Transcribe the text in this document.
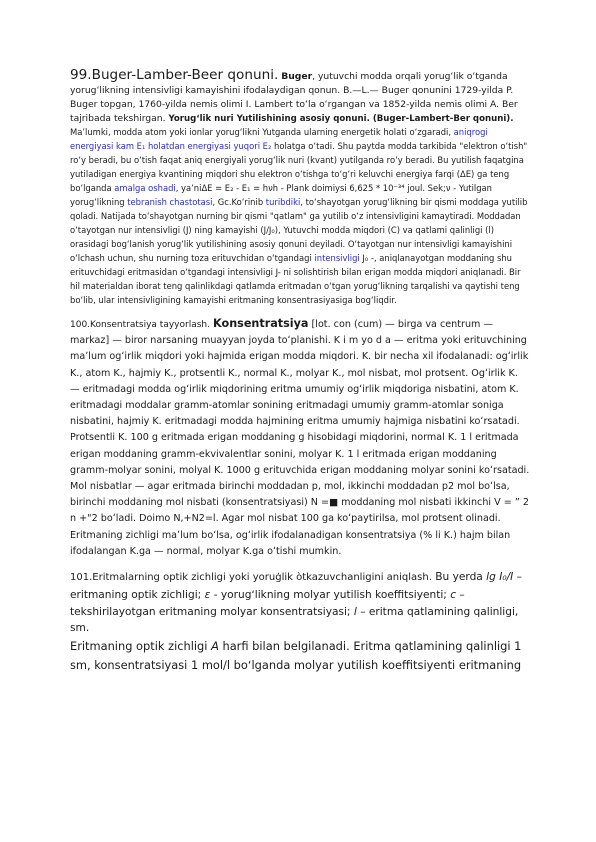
99.Buger-Lamber-Beer qonuni. Buger, yutuvchi modda orqali yorugʻlik oʻtganda yorugʻlikning intensivligi kamayishini ifodalaydigan qonun. B.—L.— Buger qonunini 1729-yilda P. Buger topgan, 1760-yilda nemis olimi I. Lambert toʻla oʻrgangan va 1852-yilda nemis olimi A. Ber tajribada tekshirgan. Yorugʻlik nuri Yutilishining asosiy qonuni. (Buger-Lambert-Ber qonuni). Maʼlumki, modda atom yoki ionlar yorugʻlikni Yutganda ularning energetik holati oʻzgaradi, aniqrogi energiyasi kam E₁ holatdan energiyasi yuqori E₂ holatga oʻtadi. Shu paytda modda tarkibida "elektron oʻtish" roʻy beradi, bu oʻtish faqat aniq energiyali yorugʻlik nuri (kvant) yutilganda roʻy beradi. Bu yutilish faqatgina yutiladigan energiya kvantining miqdori shu elektron oʻtishga toʻgʻri keluvchi energiya farqi (ΔE) ga teng boʻlganda amalga oshadi, yaʼniΔE = E₂ - E₁ = hνh - Plank doimiysi 6,625 * 10⁻³⁴ joul. Sek;ν - Yutilgan yorugʻlikning tebranish chastotasi, Gc.Koʻrinib turibdiki, toʻshayotgan yorugʻlikning bir qismi moddaga yutilib qoladi. Natijada toʻshayotgan nurning bir qismi "qatlam" ga yutilib oʻz intensivligini kamaytiradi. Moddadan oʻtayotgan nur intensivligi (J) ning kamayishi (J/J₀), Yutuvchi modda miqdori (C) va qatlami qalinligi (l) orasidagi bogʻlanish yorugʻlik yutilishining asosiy qonuni deyiladi. Oʻtayotgan nur intensivligi kamayishini oʻlchash uchun, shu nurning toza erituvchidan oʻtgandagi intensivligi J₀ -, aniqlanayotgan moddaning shu erituvchidagi eritmasidan oʻtgandagi intensivligi J- ni solishtirish bilan erigan modda miqdori aniqlanadi. Bir hil materialdan iborat teng qalinlikdagi qatlamda eritmadan oʻtgan yorugʻlikning tarqalishi va qaytishi teng boʻlib, ular intensivligining kamayishi eritmaning konsentrasiyasiga bogʻliqdir.

100.Konsentratsiya tayyorlash. Konsentratsiya [lot. con (cum) — birga va centrum — markaz] — biror narsaning muayyan joyda toʻplanishi. K i m yo d a — eritma yoki erituvchining maʼlum ogʻirlik miqdori yoki hajmida erigan modda miqdori. K. bir necha xil ifodalanadi: ogʻirlik K., atom K., hajmiy K., protsentli K., normal K., molyar K., mol nisbat, mol protsent. Ogʻirlik K. — eritmadagi modda ogʻirlik miqdorining eritma umumiy ogʻirlik miqdoriga nisbatini, atom K. eritmadagi moddalar gramm-atomlar sonining eritmadagi umumiy gramm-atomlar soniga nisbatini, hajmiy K. eritmadagi modda hajmining eritma umumiy hajmiga nisbatini koʻrsatadi. Protsentli K. 100 g eritmada erigan moddaning g hisobidagi miqdorini, normal K. 1 l eritmada erigan moddaning gramm-ekvivalentlar sonini, molyar K. 1 l eritmada erigan moddaning gramm-molyar sonini, molyal K. 1000 g erituvchida erigan moddaning molyar sonini koʻrsatadi. Mol nisbatlar — agar eritmada birinchi moddadan p, mol, ikkinchi moddadan p2 mol boʻlsa, birinchi moddaning mol nisbati (konsentratsiyasi) N =■ moddaning mol nisbati ikkinchi V = ” 2 n +"2 boʻladi. Doimo N,+N2=l. Agar mol nisbat 100 ga koʻpaytirilsa, mol protsent olinadi. Eritmaning zichligi maʼlum boʻlsa, ogʻirlik ifodalanadigan konsentratsiya (% li K.) hajm bilan ifodalangan K.ga — normal, molyar K.ga oʻtishi mumkin.

101.Eritmalarning optik zichligi yoki yoruģlik òtkazuvchanligini aniqlash. Bu yerda lg I₀/I – eritmaning optik zichligi; ε - yorugʻlikning molyar yutilish koeffitsiyenti; c – tekshirilayotgan eritmaning molyar konsentratsiyasi; l – eritma qatlamining qalinligi, sm.

Eritmaning optik zichligi A harfi bilan belgilanadi. Eritma qatlamining qalinligi 1 sm, konsentratsiyasi 1 mol/l boʻlganda molyar yutilish koeffitsiyenti eritmaning
